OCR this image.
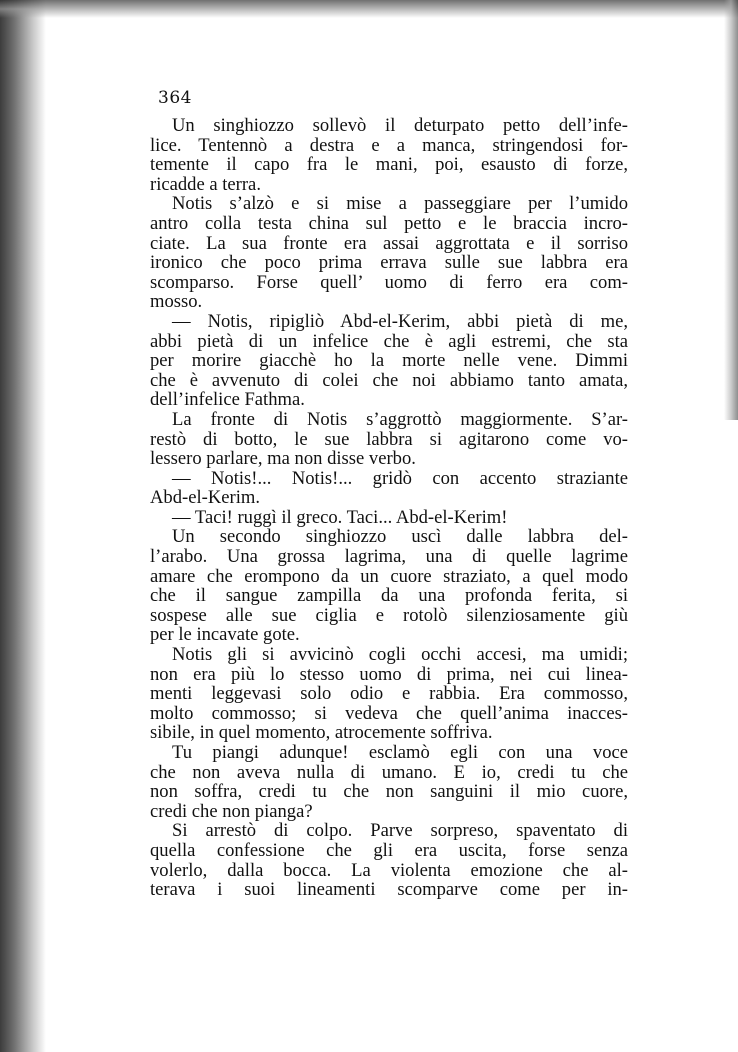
364
Un singhiozzo sollevò il deturpato petto dell’infe-
lice. Tentennò a destra e a manca, stringendosi for-
temente il capo fra le mani, poi, esausto di forze,
ricadde a terra.
Notis s’alzò e si mise a passeggiare per l’umido
antro colla testa china sul petto e le braccia incro-
ciate. La sua fronte era assai aggrottata e il sorriso
ironico che poco prima errava sulle sue labbra era
scomparso. Forse quell’ uomo di ferro era com-
mosso.
— Notis, ripigliò Abd-el-Kerim, abbi pietà di me,
abbi pietà di un infelice che è agli estremi, che sta
per morire giacchè ho la morte nelle vene. Dimmi
che è avvenuto di colei che noi abbiamo tanto amata,
dell’infelice Fathma.
La fronte di Notis s’aggrottò maggiormente. S’ar-
restò di botto, le sue labbra si agitarono come vo-
lessero parlare, ma non disse verbo.
— Notis!... Notis!... gridò con accento straziante
Abd-el-Kerim.
— Taci! ruggì il greco. Taci... Abd-el-Kerim!
Un secondo singhiozzo uscì dalle labbra del-
l’arabo. Una grossa lagrima, una di quelle lagrime
amare che erompono da un cuore straziato, a quel modo
che il sangue zampilla da una profonda ferita, si
sospese alle sue ciglia e rotolò silenziosamente giù
per le incavate gote.
Notis gli si avvicinò cogli occhi accesi, ma umidi;
non era più lo stesso uomo di prima, nei cui linea-
menti leggevasi solo odio e rabbia. Era commosso,
molto commosso; si vedeva che quell’anima inacces-
sibile, in quel momento, atrocemente soffriva.
Tu piangi adunque! esclamò egli con una voce
che non aveva nulla di umano. E io, credi tu che
non soffra, credi tu che non sanguini il mio cuore,
credi che non pianga?
Si arrestò di colpo. Parve sorpreso, spaventato di
quella confessione che gli era uscita, forse senza
volerlo, dalla bocca. La violenta emozione che al-
terava i suoi lineamenti scomparve come per in-
